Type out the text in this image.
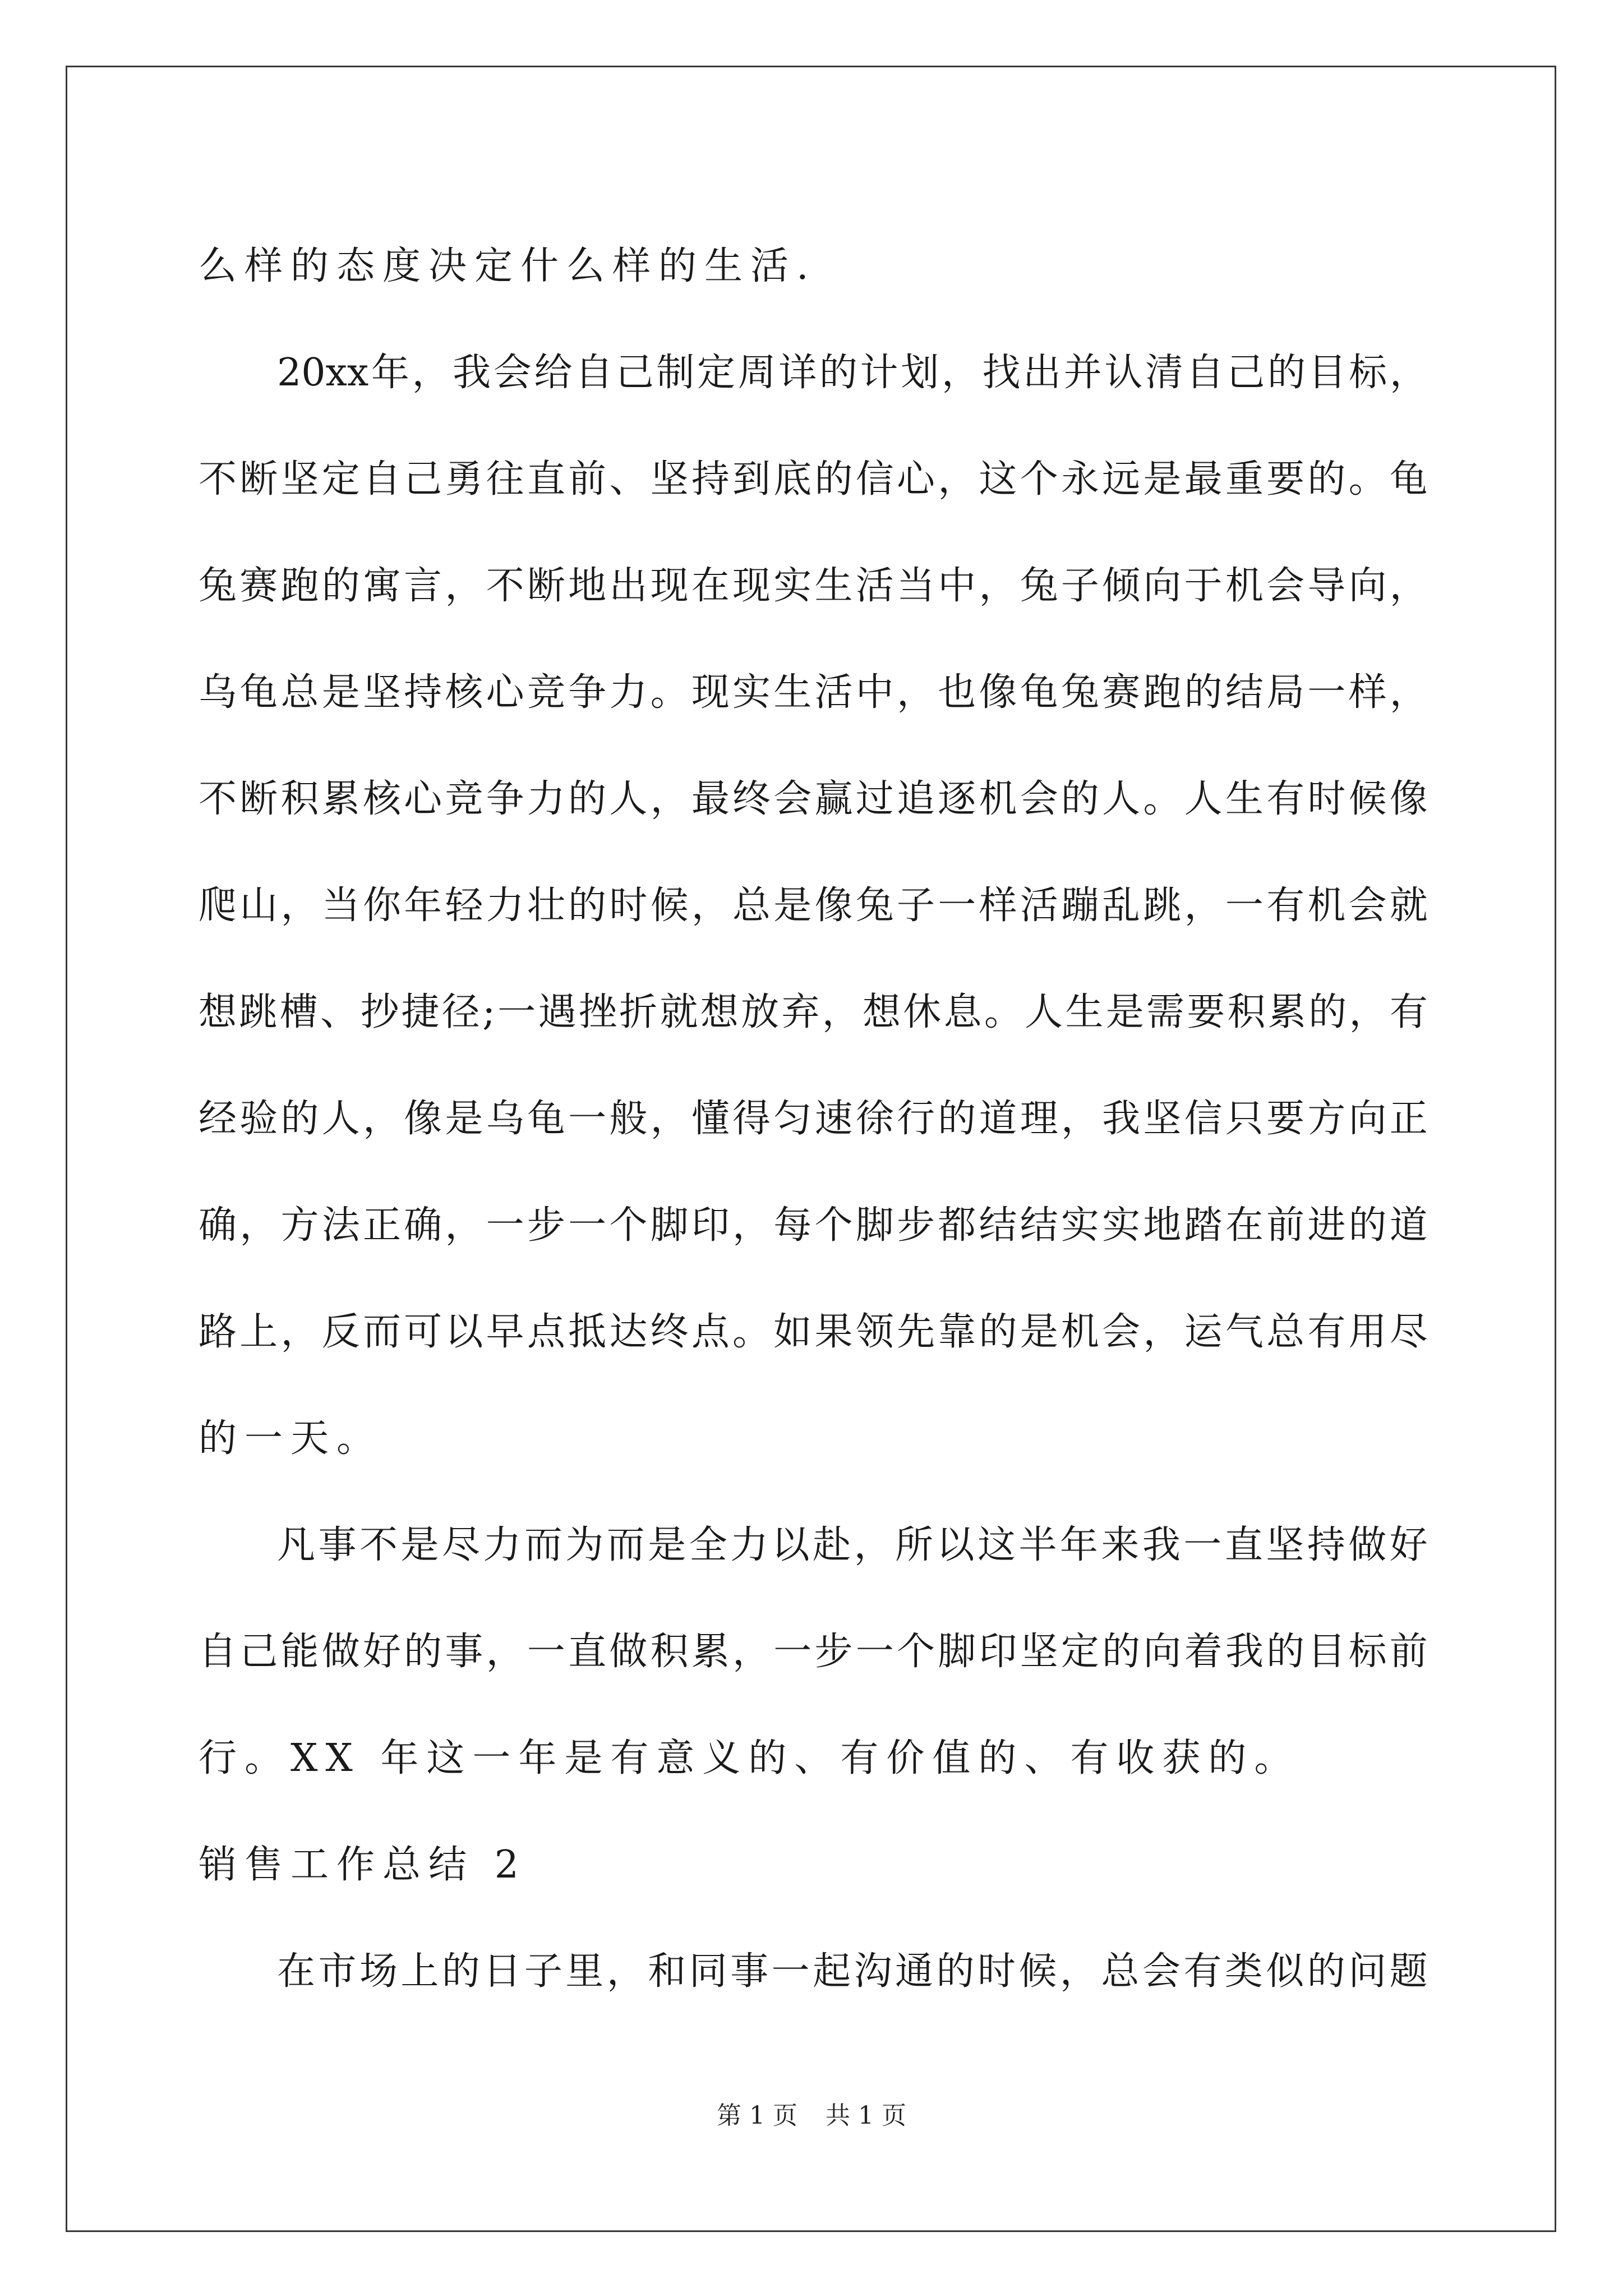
么样的态度决定什么样的生活.
20xx 年 ， 我 会 给 自 己 制 定 周 详 的 计 划 ， 找 出 并 认 清 自 己 的 目 标 ，
不 断 坚 定 自 己 勇 往 直 前 、 坚 持 到 底 的 信 心 ， 这 个 永 远 是 最 重 要 的 。 龟
兔 赛 跑 的 寓 言 ， 不 断 地 出 现 在 现 实 生 活 当 中 ， 兔 子 倾 向 于 机 会 导 向 ，
乌 龟 总 是 坚 持 核 心 竞 争 力 。 现 实 生 活 中 ， 也 像 龟 兔 赛 跑 的 结 局 一 样 ，
不 断 积 累 核 心 竞 争 力 的 人 ， 最 终 会 赢 过 追 逐 机 会 的 人 。 人 生 有 时 候 像
爬 山 ， 当 你 年 轻 力 壮 的 时 候 ， 总 是 像 兔 子 一 样 活 蹦 乱 跳 ， 一 有 机 会 就
想 跳 槽 、 抄 捷 径 ; 一 遇 挫 折 就 想 放 弃 ， 想 休 息 。 人 生 是 需 要 积 累 的 ， 有
经 验 的 人 ， 像 是 乌 龟 一 般 ， 懂 得 匀 速 徐 行 的 道 理 ， 我 坚 信 只 要 方 向 正
确 ， 方 法 正 确 ， 一 步 一 个 脚 印 ， 每 个 脚 步 都 结 结 实 实 地 踏 在 前 进 的 道
路 上 ， 反 而 可 以 早 点 抵 达 终 点 。 如 果 领 先 靠 的 是 机 会 ， 运 气 总 有 用 尽
的一天。
凡 事 不 是 尽 力 而 为 而 是 全 力 以 赴 ， 所 以 这 半 年 来 我 一 直 坚 持 做 好
自 己 能 做 好 的 事 ， 一 直 做 积 累 ， 一 步 一 个 脚 印 坚 定 的 向 着 我 的 目 标 前
行。XX 年这一年是有意义的、有价值的、有收获的。
销售工作总结 2
在 市 场 上 的 日 子 里 ， 和 同 事 一 起 沟 通 的 时 候 ， 总 会 有 类 似 的 问 题
第 1 页 共 1 页
